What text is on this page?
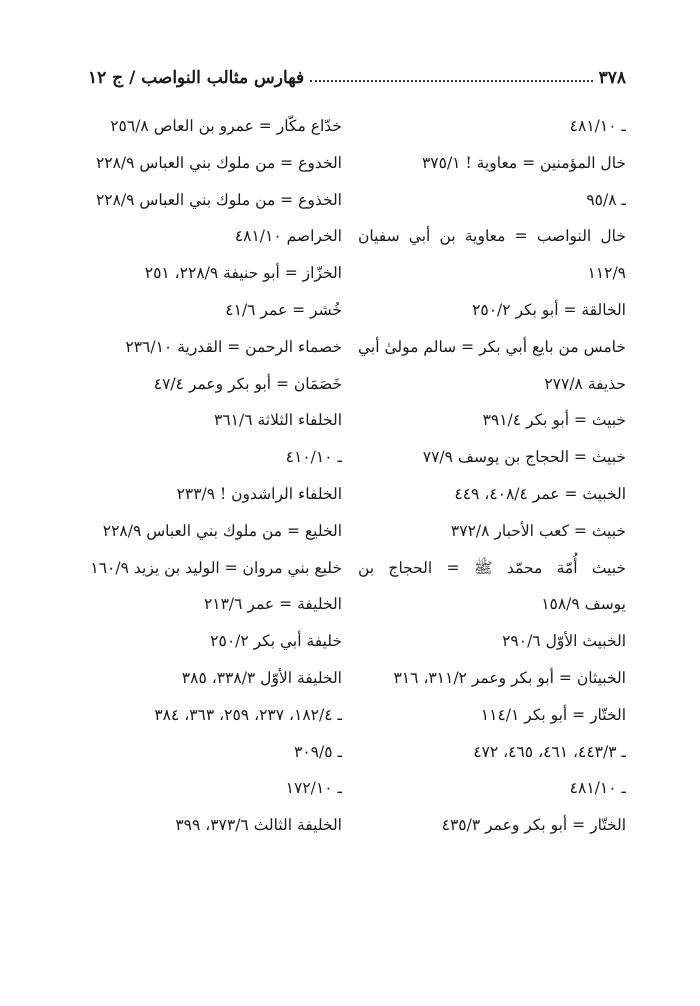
٣٧٨
فهارس مثالب النواصب / ج ١٢
ـ ٤٨١/١٠
خال المؤمنين = معاوية ! ٣٧٥/١
ـ ٩٥/٨
خال النواصب = معاوية بن أبي سفيان
١١٢/٩
الخالقة = أبو بكر ٢٥٠/٢
خامس من بايع أبي بكر = سالم مولىٰ أبي
حذيفة ٢٧٧/٨
خبيث = أبو بكر ٣٩١/٤
خبيث = الحجاج بن يوسف ٧٧/٩
الخبيث = عمر ٤٠٨/٤، ٤٤٩
خبيث = كعب الأحبار ٣٧٢/٨
خبيث أُمّة محمّد ﷺ = الحجاج بن
يوسف ١٥٨/٩
الخبيث الأوّل ٢٩٠/٦
الخبيثان = أبو بكر وعمر ٣١١/٢، ٣١٦
الختّار = أبو بكر ١١٤/١
ـ ٤٤٣/٣، ٤٦١، ٤٦٥، ٤٧٢
ـ ٤٨١/١٠
الختّار = أبو بكر وعمر ٤٣٥/٣
خدّاع مكّار = عمرو بن العاص ٢٥٦/٨
الخدوع = من ملوك بني العباس ٢٢٨/٩
الخذوع = من ملوك بني العباس ٢٢٨/٩
الخراصم ٤٨١/١٠
الخزّاز = أبو حنيفة ٢٢٨/٩، ٢٥١
خُشر = عمر ٤١/٦
خصماء الرحمن = القدرية ٢٣٦/١٠
خَصَمَان = أبو بكر وعمر ٤٧/٤
الخلفاء الثلاثة ٣٦١/٦
ـ ٤١٠/١٠
الخلفاء الراشدون ! ٢٣٣/٩
الخليع = من ملوك بني العباس ٢٢٨/٩
خليع بني مروان = الوليد بن يزيد ١٦٠/٩
الخليفة = عمر ٢١٣/٦
خليفة أبي بكر ٢٥٠/٢
الخليفة الأوّل ٣٣٨/٣، ٣٨٥
ـ ١٨٢/٤، ٢٣٧، ٢٥٩، ٣٦٣، ٣٨٤
ـ ٣٠٩/٥
ـ ١٧٢/١٠
الخليفة الثالث ٣٧٣/٦، ٣٩٩
